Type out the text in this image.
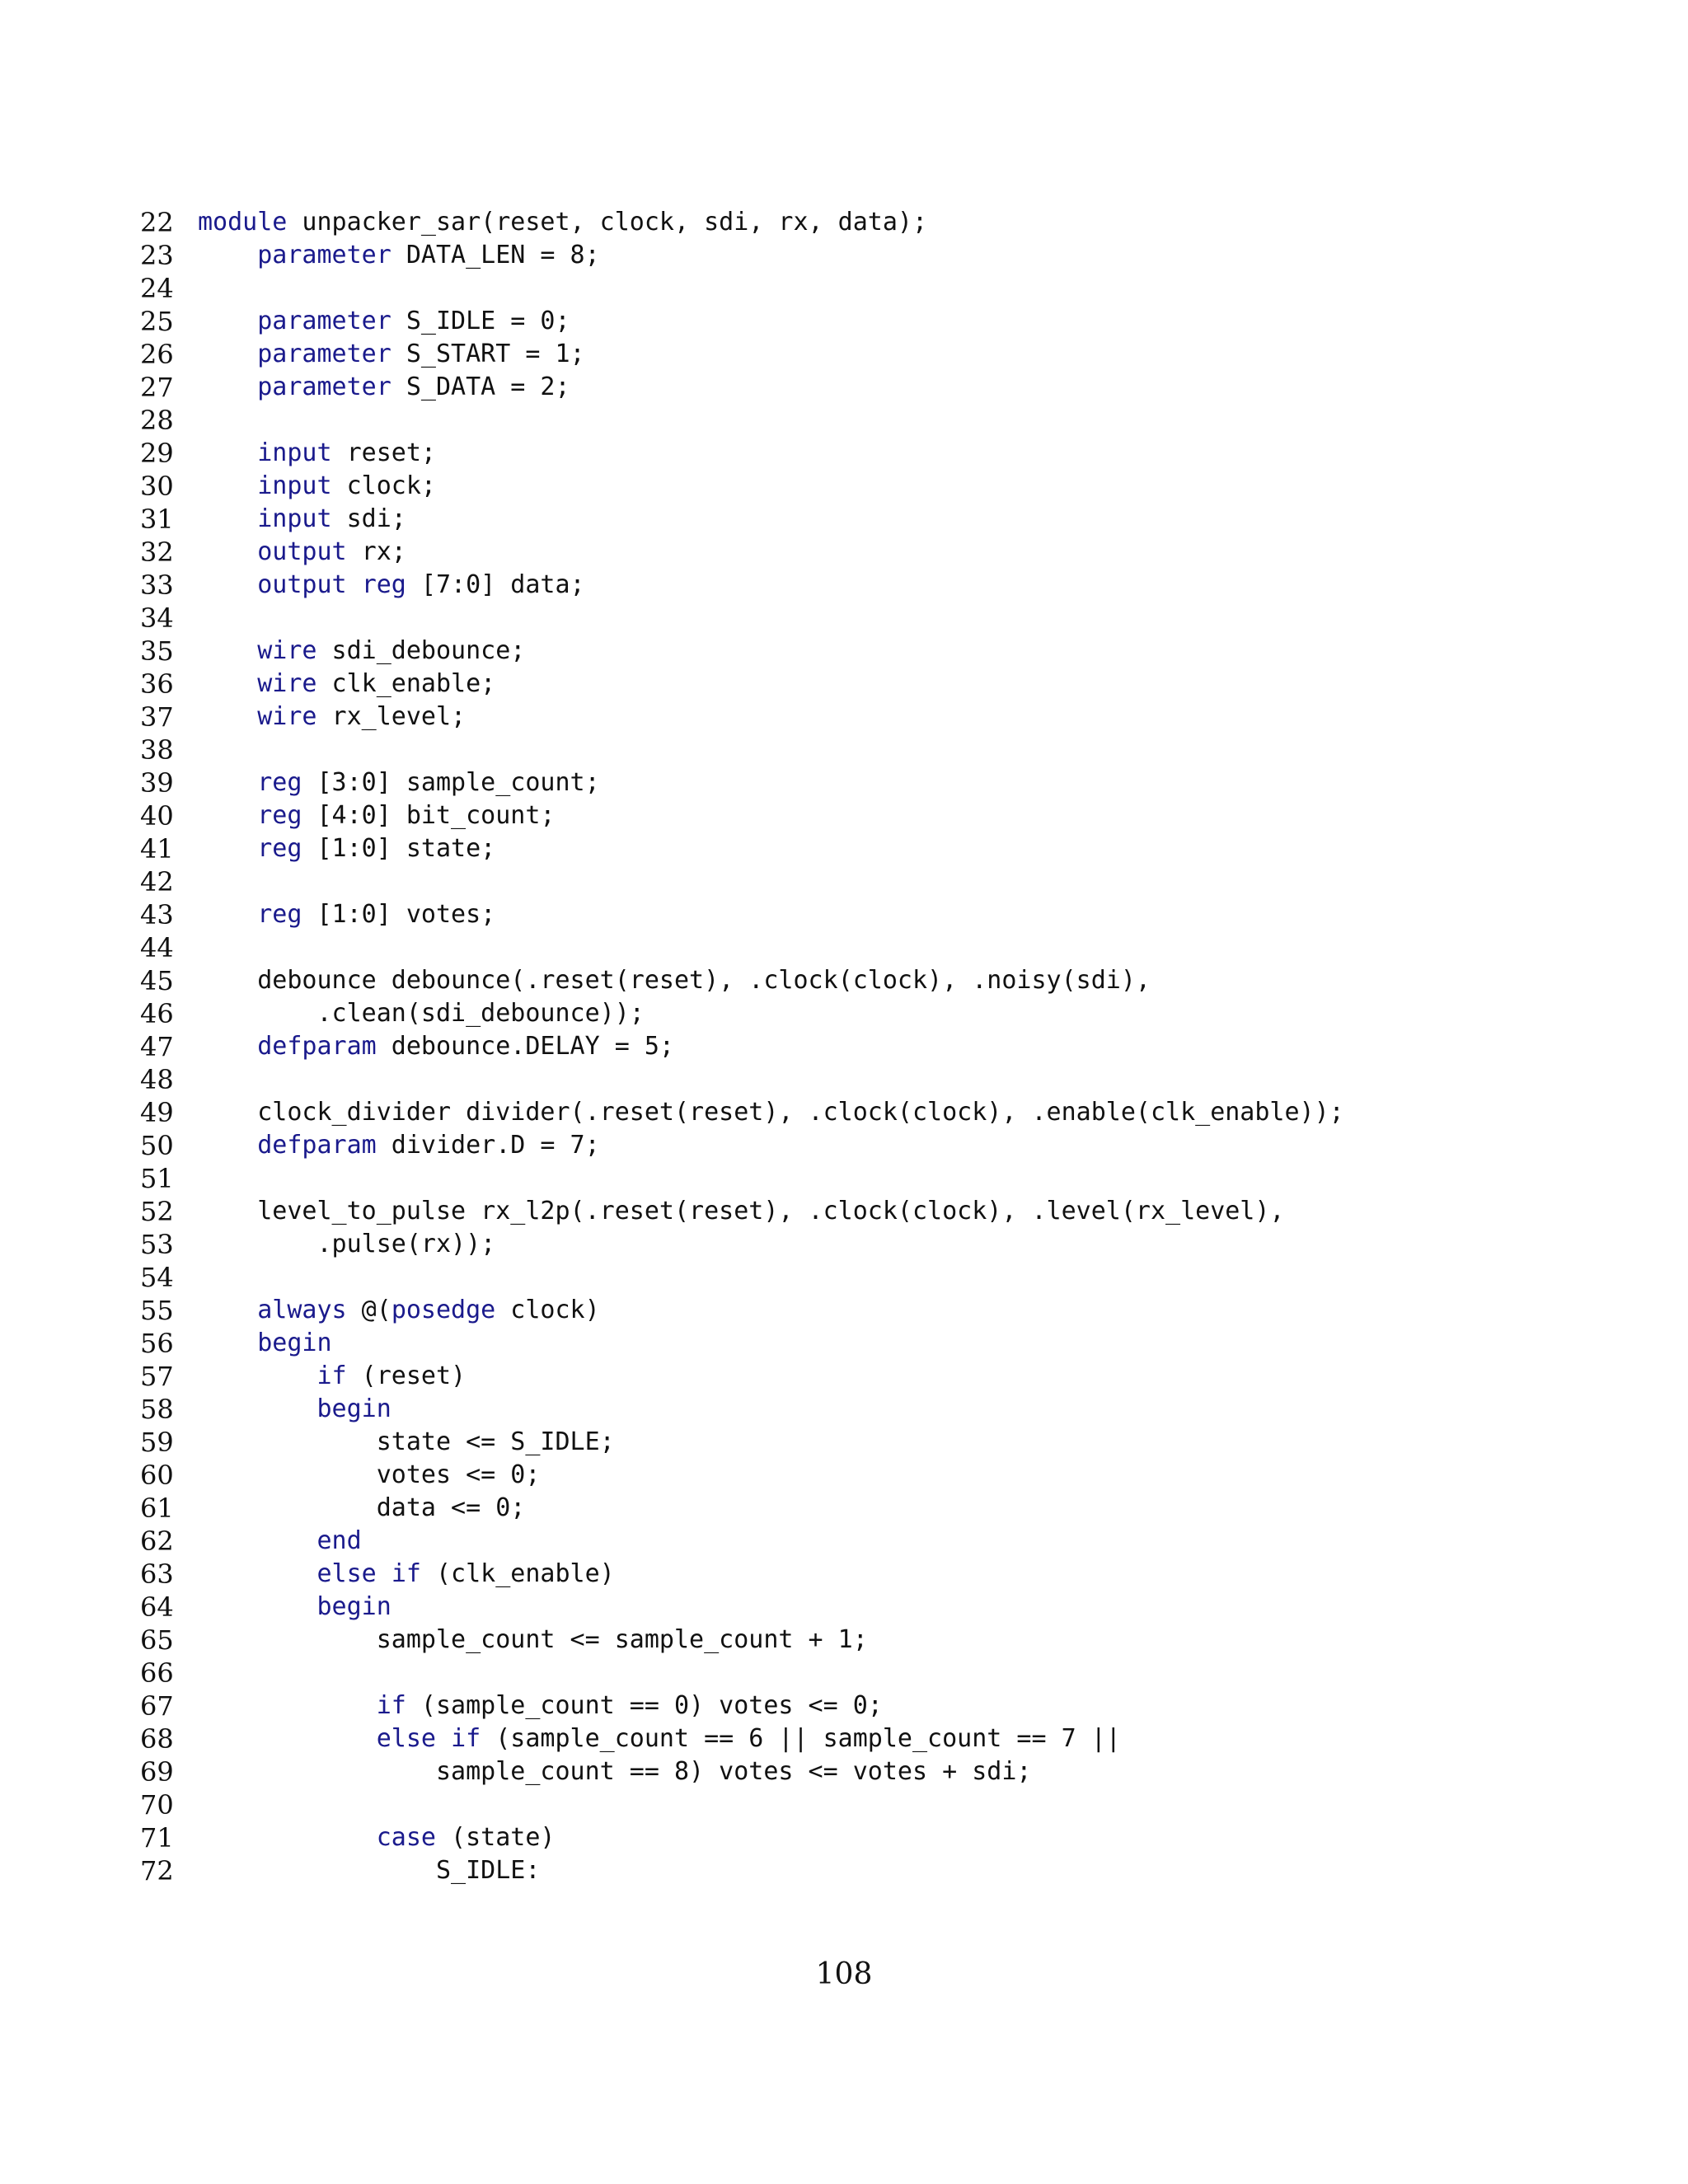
22 module unpacker_sar(reset, clock, sdi, rx, data);
23	parameter DATA_LEN = 8;
24
25	parameter S_IDLE = 0;
26	parameter S_START = 1;
27	parameter S_DATA = 2;
28
29	input reset;
30	input clock;
31	input sdi;
32	output rx;
33	output reg [7:0] data;
34
35	wire sdi_debounce;
36	wire clk_enable;
37	wire rx_level;
38
39	reg [3:0] sample_count;
40	reg [4:0] bit_count;
41	reg [1:0] state;
42
43	reg [1:0] votes;
44
45	debounce debounce(.reset(reset), .clock(clock), .noisy(sdi),
46	.clean(sdi_debounce));
47	defparam debounce.DELAY = 5;
48
49	clock_divider divider(.reset(reset), .clock(clock), .enable(clk_enable));
50	defparam divider.D = 7;
51
52	level_to_pulse rx_l2p(.reset(reset), .clock(clock), .level(rx_level),
53	.pulse(rx));
54
55	always @(posedge clock)
56	begin
57	if (reset)
58	begin
59	state <= S_IDLE;
60	votes <= 0;
61	data <= 0;
62	end
63	else if (clk_enable)
64	begin
65	sample_count <= sample_count + 1;
66
67	if (sample_count == 0) votes <= 0;
68	else if (sample_count == 6 || sample_count == 7 ||
69	sample_count == 8) votes <= votes + sdi;
70
71	case (state)
72	S_IDLE:
108
